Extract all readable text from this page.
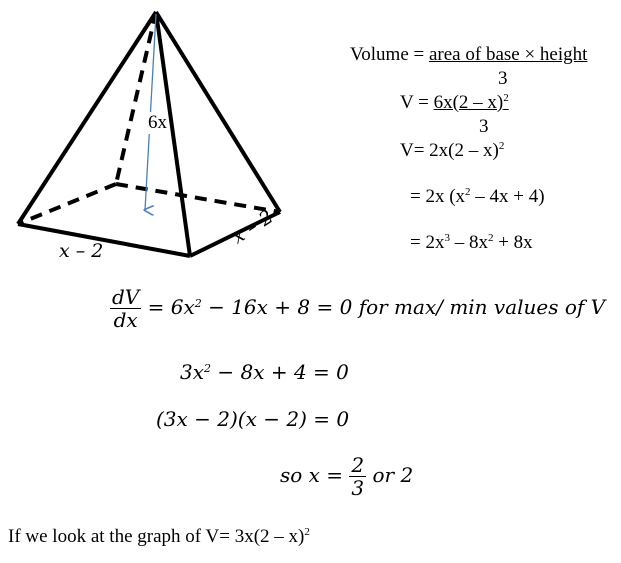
6x
x – 2
x – 2
Volume = area of base × height
3
V = 6x(2 – x)$^2$
3
V= 2x(2 – x)$^2$
= 2x $(x^2 - 4x + 4)$
= $2x^3 - 8x^2 + 8x$
$\frac{dV}{dx} = 6x^2 - 16x + 8 = 0$ for max/ min values of V
$3x^2 - 8x + 4 = 0$
(3x − 2)(x − 2) = 0
so $x = \frac{2}{3}$ or 2
If we look at the graph of V= 3x(2 – x)$^2$
